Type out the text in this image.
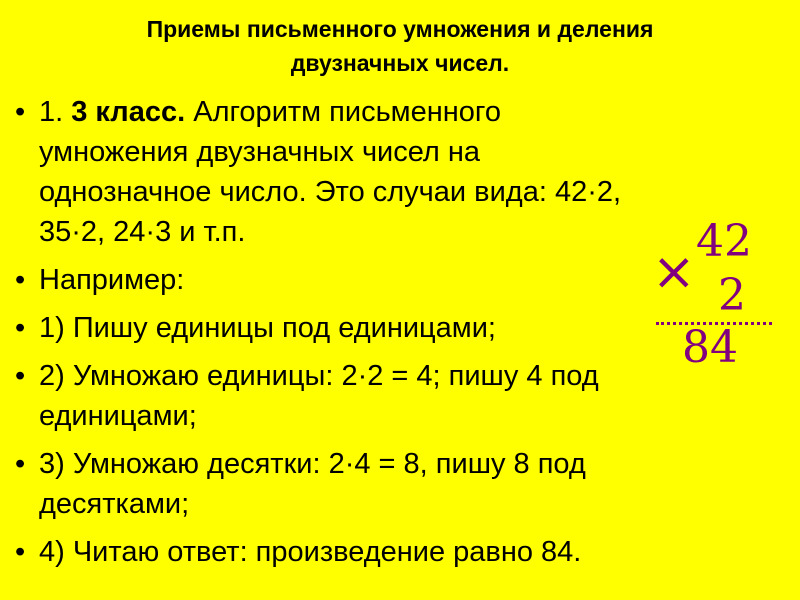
Приемы письменного умножения и деления
двузначных чисел.
• 1. 3 класс. Алгоритм письменного
умножения двузначных чисел на
однозначное число. Это случаи вида: 42·2,
35·2, 24·3 и т.п.
• Например:
• 1) Пишу единицы под единицами;
• 2) Умножаю единицы: 2·2 = 4; пишу 4 под
единицами;
• 3) Умножаю десятки: 2·4 = 8, пишу 8 под
десятками;
• 4) Читаю ответ: произведение равно 84.
42
× 2
84
